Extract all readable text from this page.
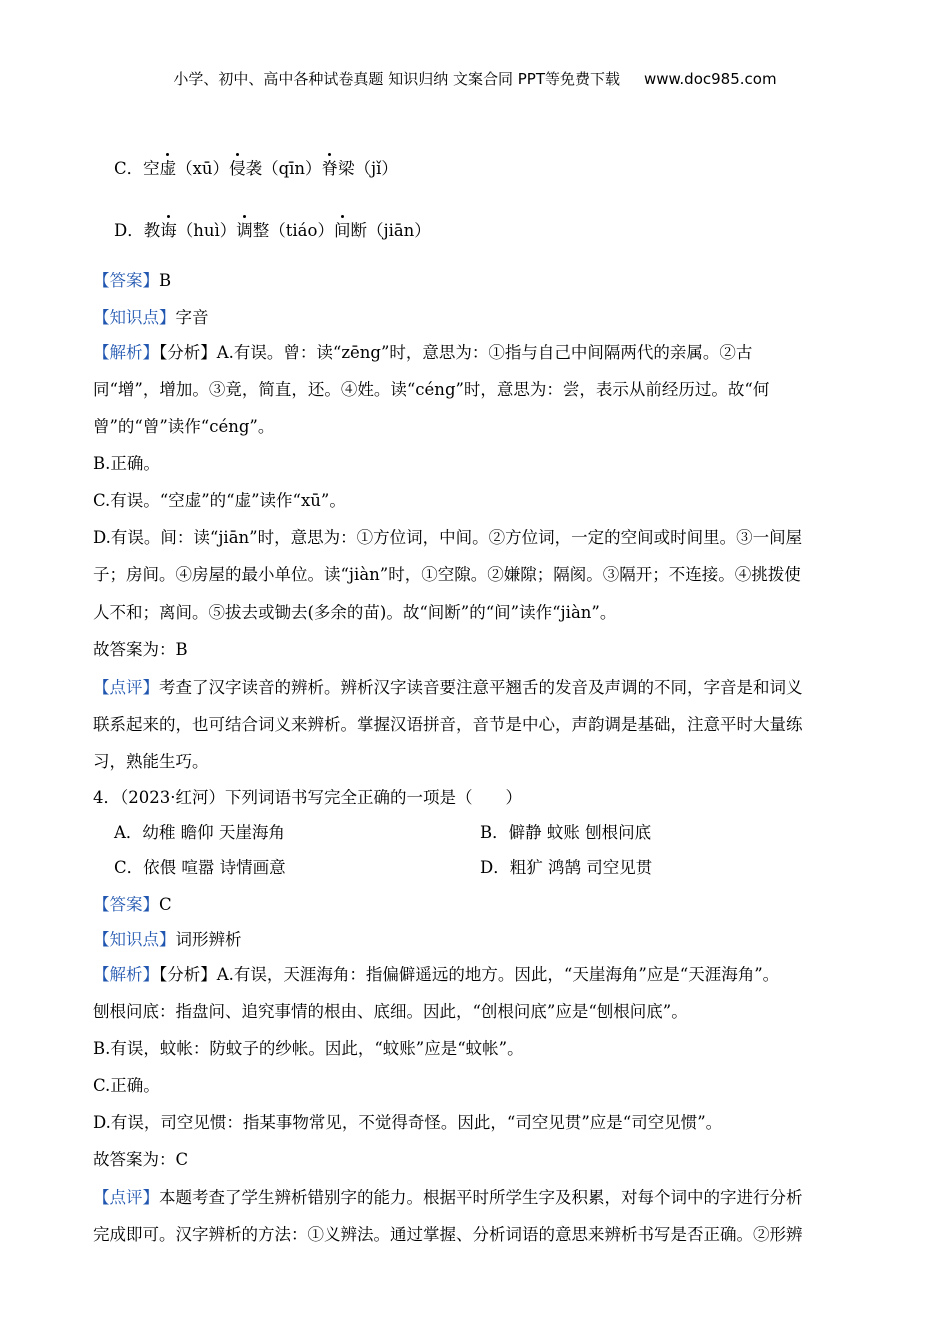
小学、初中、高中各种试卷真题 知识归纳 文案合同 PPT等免费下载 www.doc985.com
C．空虚（xū）侵袭（qīn）脊梁（jǐ）
D．教诲（huì）调整（tiáo）间断（jiān）
【答案】B
【知识点】字音
【解析】【分析】A.有误。曾：读“zēng”时，意思为：①指与自己中间隔两代的亲属。②古
同“增”，增加。③竟，简直，还。④姓。读“céng”时，意思为：尝，表示从前经历过。故“何
曾”的“曾”读作“céng”。
B.正确。
C.有误。“空虚”的“虚”读作“xū”。
D.有误。间：读“jiān”时，意思为：①方位词，中间。②方位词，一定的空间或时间里。③一间屋
子；房间。④房屋的最小单位。读“jiàn”时，①空隙。②嫌隙；隔阂。③隔开；不连接。④挑拨使
人不和；离间。⑤拔去或锄去(多余的苗)。故“间断”的“间”读作“jiàn”。
故答案为：B
【点评】考查了汉字读音的辨析。辨析汉字读音要注意平翘舌的发音及声调的不同，字音是和词义
联系起来的，也可结合词义来辨析。掌握汉语拼音，音节是中心，声韵调是基础，注意平时大量练
习，熟能生巧。
4．（2023·红河）下列词语书写完全正确的一项是（　　）
A．幼稚 瞻仰 天崖海角	B．僻静 蚊账 刨根问底
C．依偎 喧嚣 诗情画意	D．粗犷 鸿鹄 司空见贯
【答案】C
【知识点】词形辨析
【解析】【分析】A.有误，天涯海角：指偏僻遥远的地方。因此，“天崖海角”应是“天涯海角”。
刨根问底：指盘问、追究事情的根由、底细。因此，“创根问底”应是“刨根问底”。
B.有误，蚊帐：防蚊子的纱帐。因此，“蚊账”应是“蚊帐”。
C.正确。
D.有误，司空见惯：指某事物常见，不觉得奇怪。因此，“司空见贯”应是“司空见惯”。
故答案为：C
【点评】本题考查了学生辨析错别字的能力。根据平时所学生字及积累，对每个词中的字进行分析
完成即可。汉字辨析的方法：①义辨法。通过掌握、分析词语的意思来辨析书写是否正确。②形辨
